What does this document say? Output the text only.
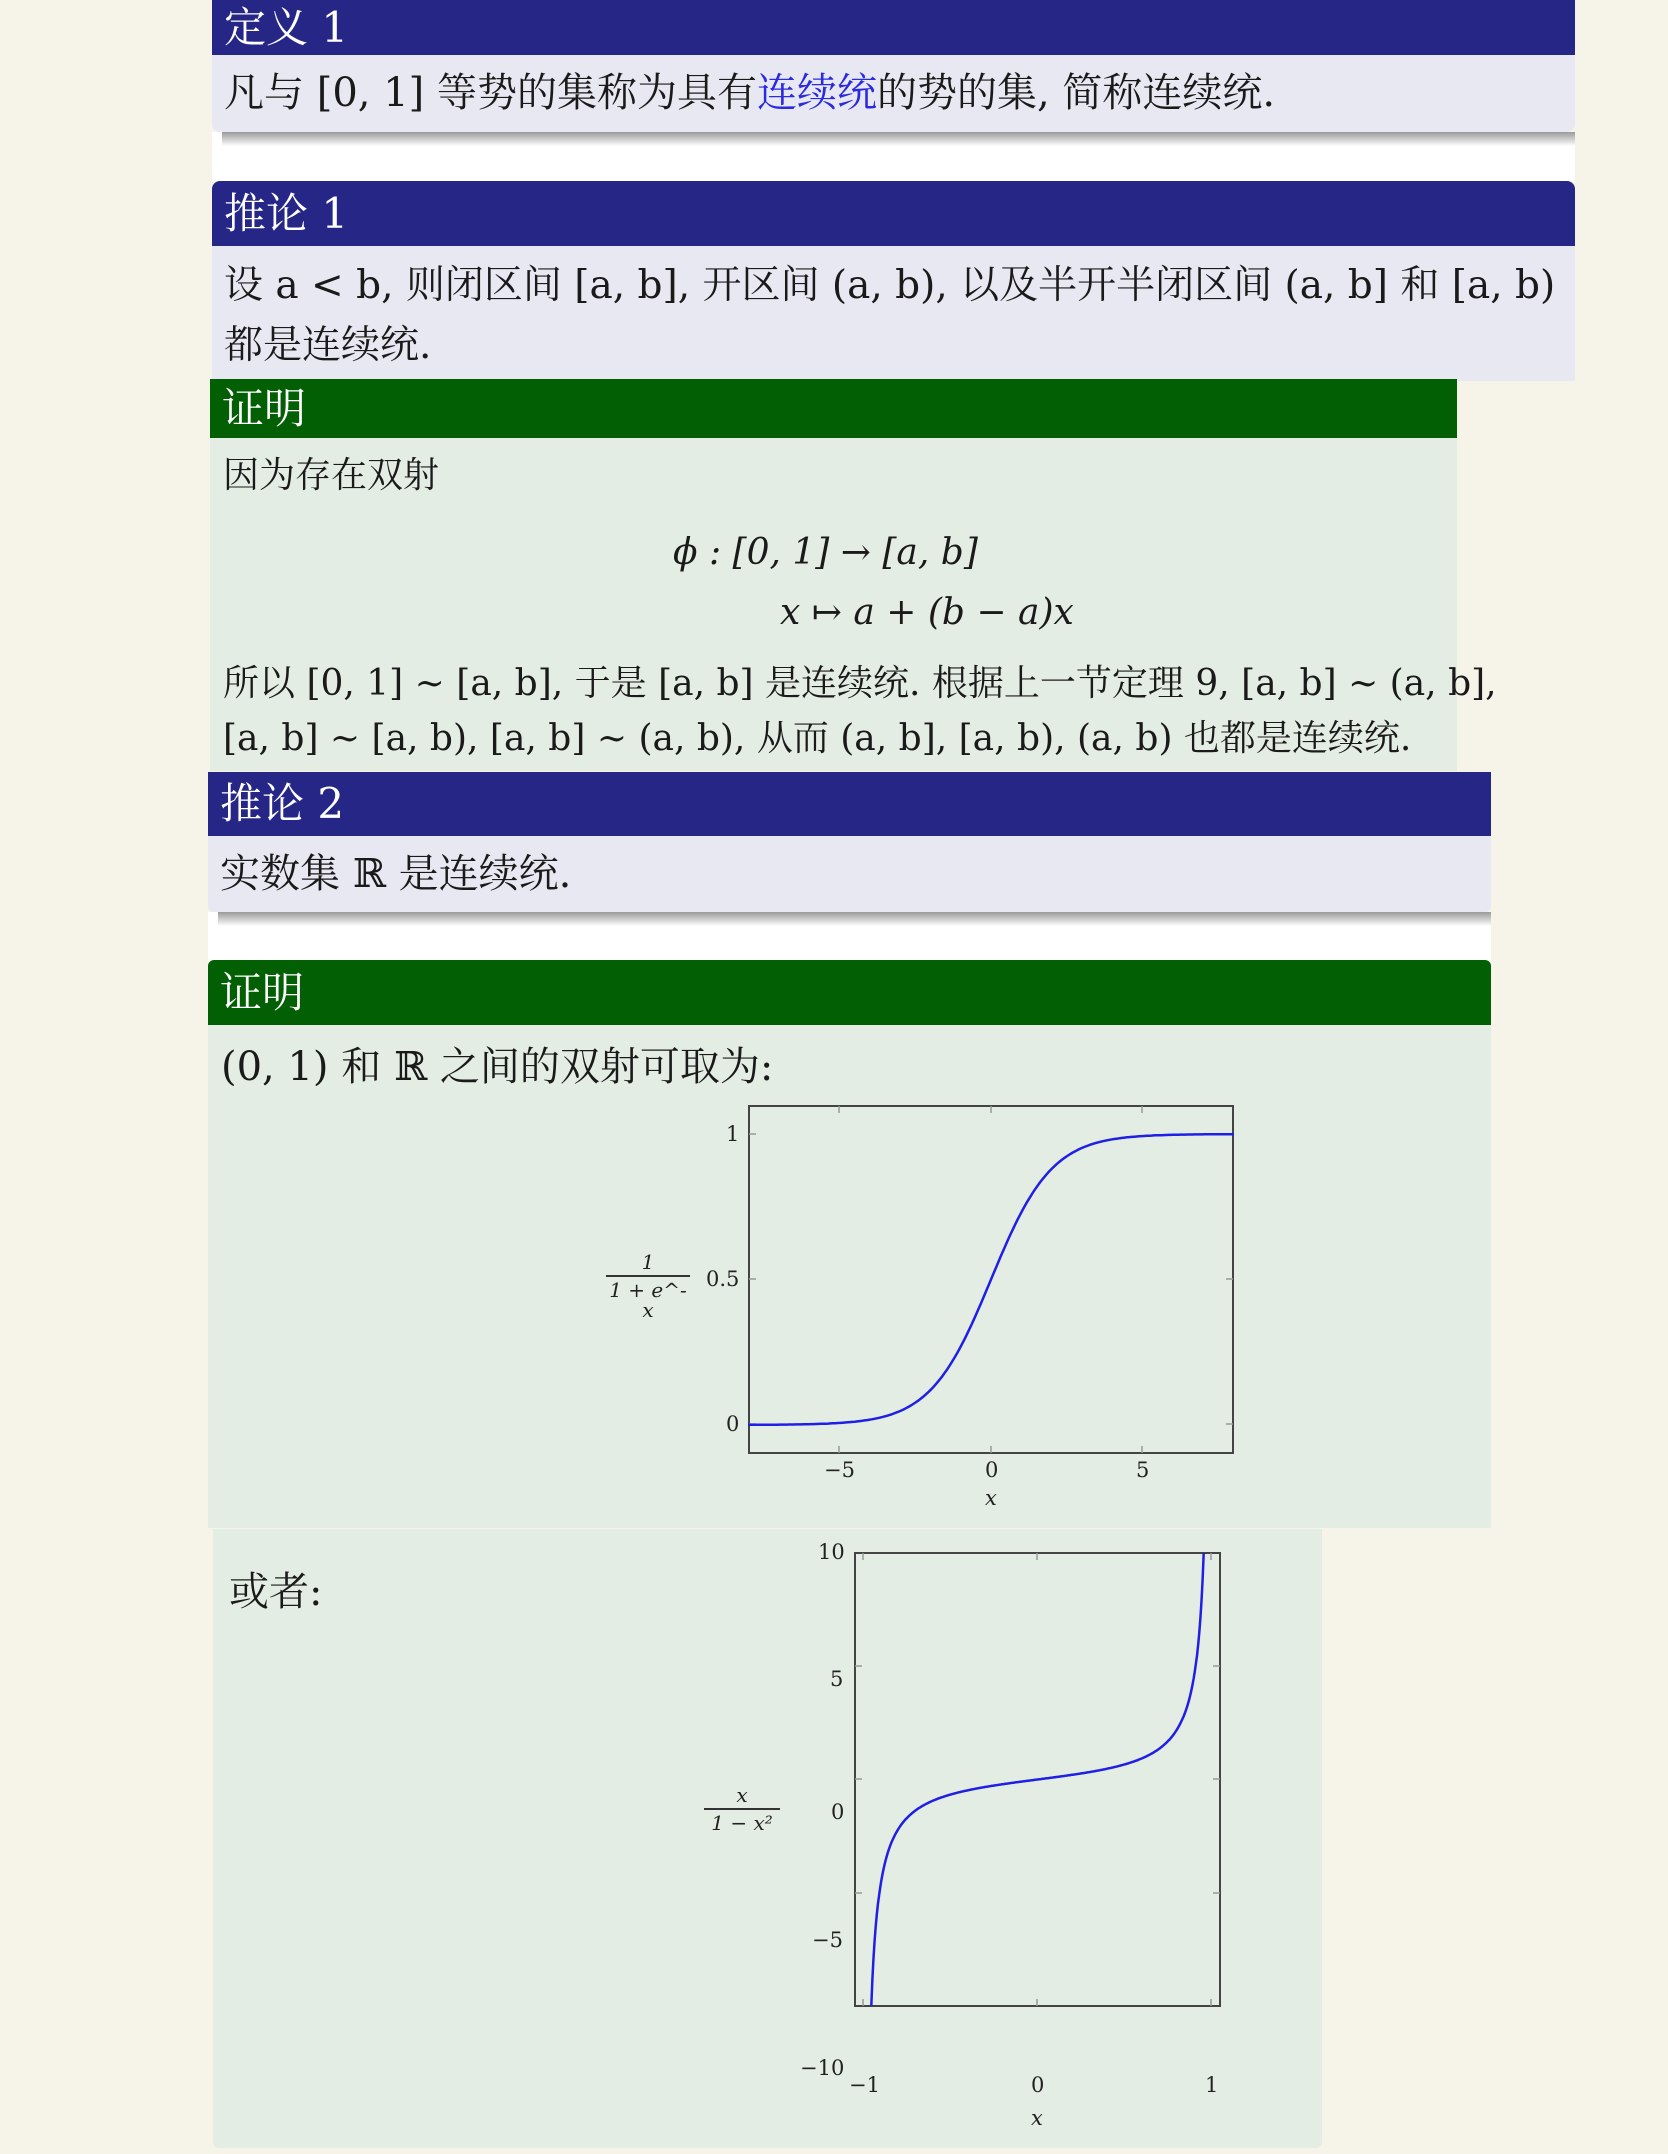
定义 1
凡与 [0, 1] 等势的集称为具有连续统的势的集, 简称连续统.
推论 1
设 a < b, 则闭区间 [a, b], 开区间 (a, b), 以及半开半闭区间 (a, b] 和 [a, b)
都是连续统.
证明
因为存在双射
ϕ : [0, 1] → [a, b]
x ↦ a + (b − a)x
所以 [0, 1] ∼ [a, b], 于是 [a, b] 是连续统. 根据上一节定理 9, [a, b] ∼ (a, b],
[a, b] ∼ [a, b), [a, b] ∼ (a, b), 从而 (a, b], [a, b), (a, b) 也都是连续统.
推论 2
实数集 ℝ 是连续统.
证明
(0, 1) 和 ℝ 之间的双射可取为:
$\frac{1}{1 + e\^{}-x}$
1
0.5
0
−5	0	5
x
或者:
$\frac{x}{\text{1 − x²}}$
10
5
0
−5
−10
−1	0	1
x
